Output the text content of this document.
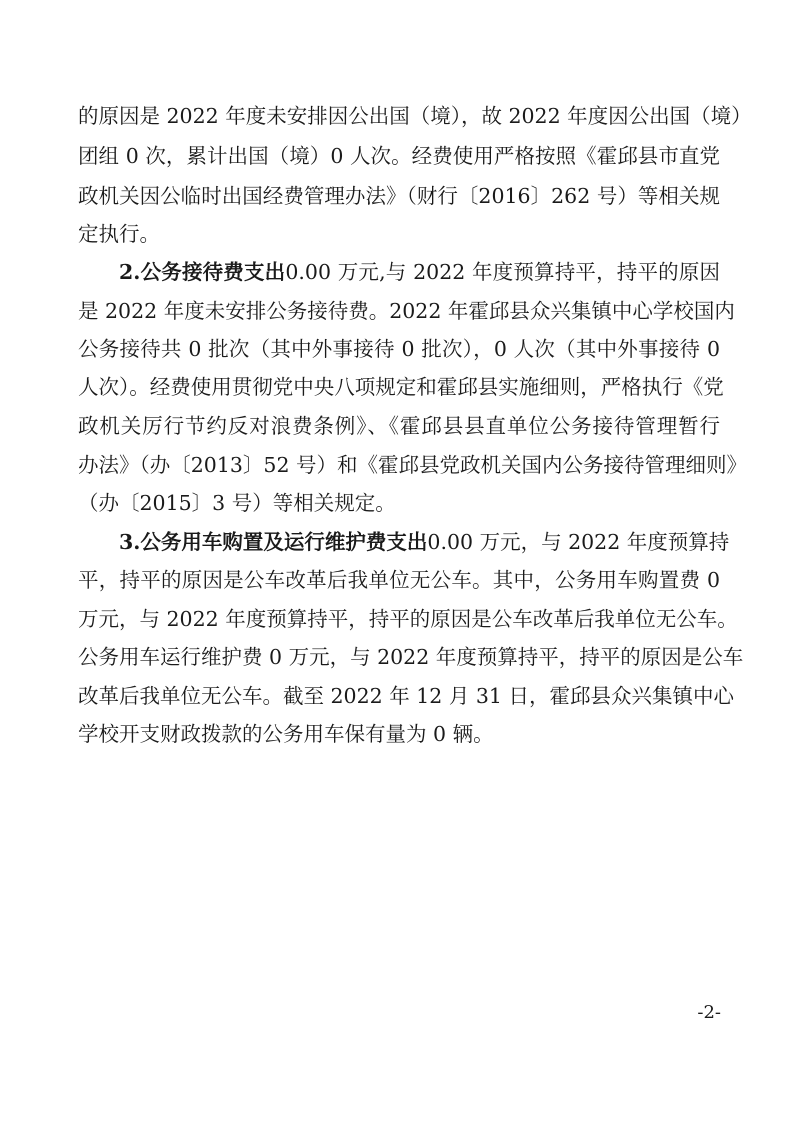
的原因是 2022 年度未安排因公出国（境），故 2022 年度因公出国（境）
团组 0 次，累计出国（境）0 人次。经费使用严格按照《霍邱县市直党
政机关因公临时出国经费管理办法》（财行〔2016〕262 号）等相关规
定执行。
2.公务接待费支出0.00 万元,与 2022 年度预算持平，持平的原因
是 2022 年度未安排公务接待费。2022 年霍邱县众兴集镇中心学校国内
公务接待共 0 批次（其中外事接待 0 批次），0 人次（其中外事接待 0
人次）。经费使用贯彻党中央八项规定和霍邱县实施细则，严格执行《党
政机关厉行节约反对浪费条例》、《霍邱县县直单位公务接待管理暂行
办法》（办〔2013〕52 号）和《霍邱县党政机关国内公务接待管理细则》
（办〔2015〕3 号）等相关规定。
3.公务用车购置及运行维护费支出0.00 万元，与 2022 年度预算持
平，持平的原因是公车改革后我单位无公车。其中，公务用车购置费 0
万元，与 2022 年度预算持平，持平的原因是公车改革后我单位无公车。
公务用车运行维护费 0 万元，与 2022 年度预算持平，持平的原因是公车
改革后我单位无公车。截至 2022 年 12 月 31 日，霍邱县众兴集镇中心
学校开支财政拨款的公务用车保有量为 0 辆。
-2-
